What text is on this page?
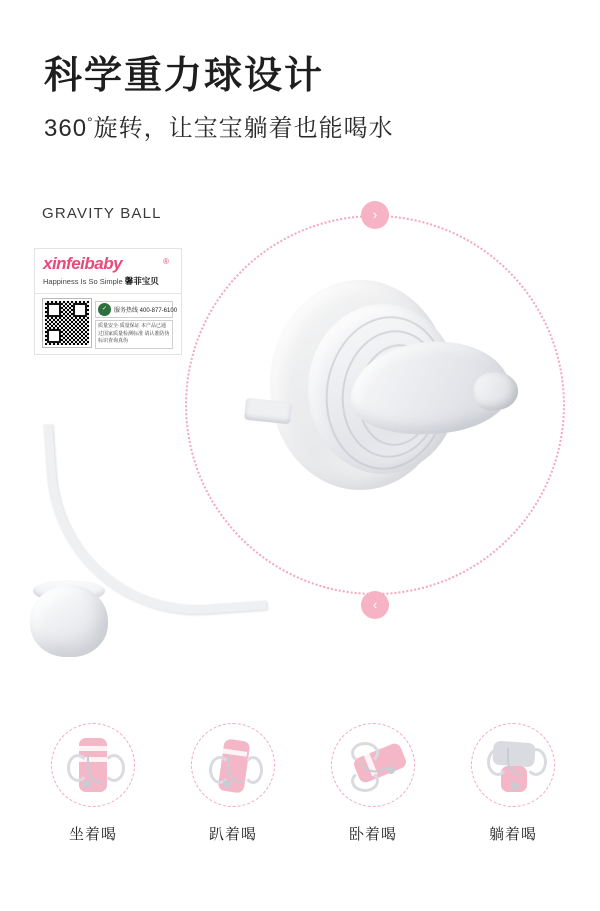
科学重力球设计
360°旋转，让宝宝躺着也能喝水
GRAVITY BALL
xinfeibaby	®
Happiness Is So Simple 馨菲宝贝
✓	服务热线 400-877-6100
质量安全·质量保证 本产品已通过国家质量检测标准 请认准防伪标识查询真伪
›
‹
坐着喝	趴着喝	卧着喝	躺着喝
